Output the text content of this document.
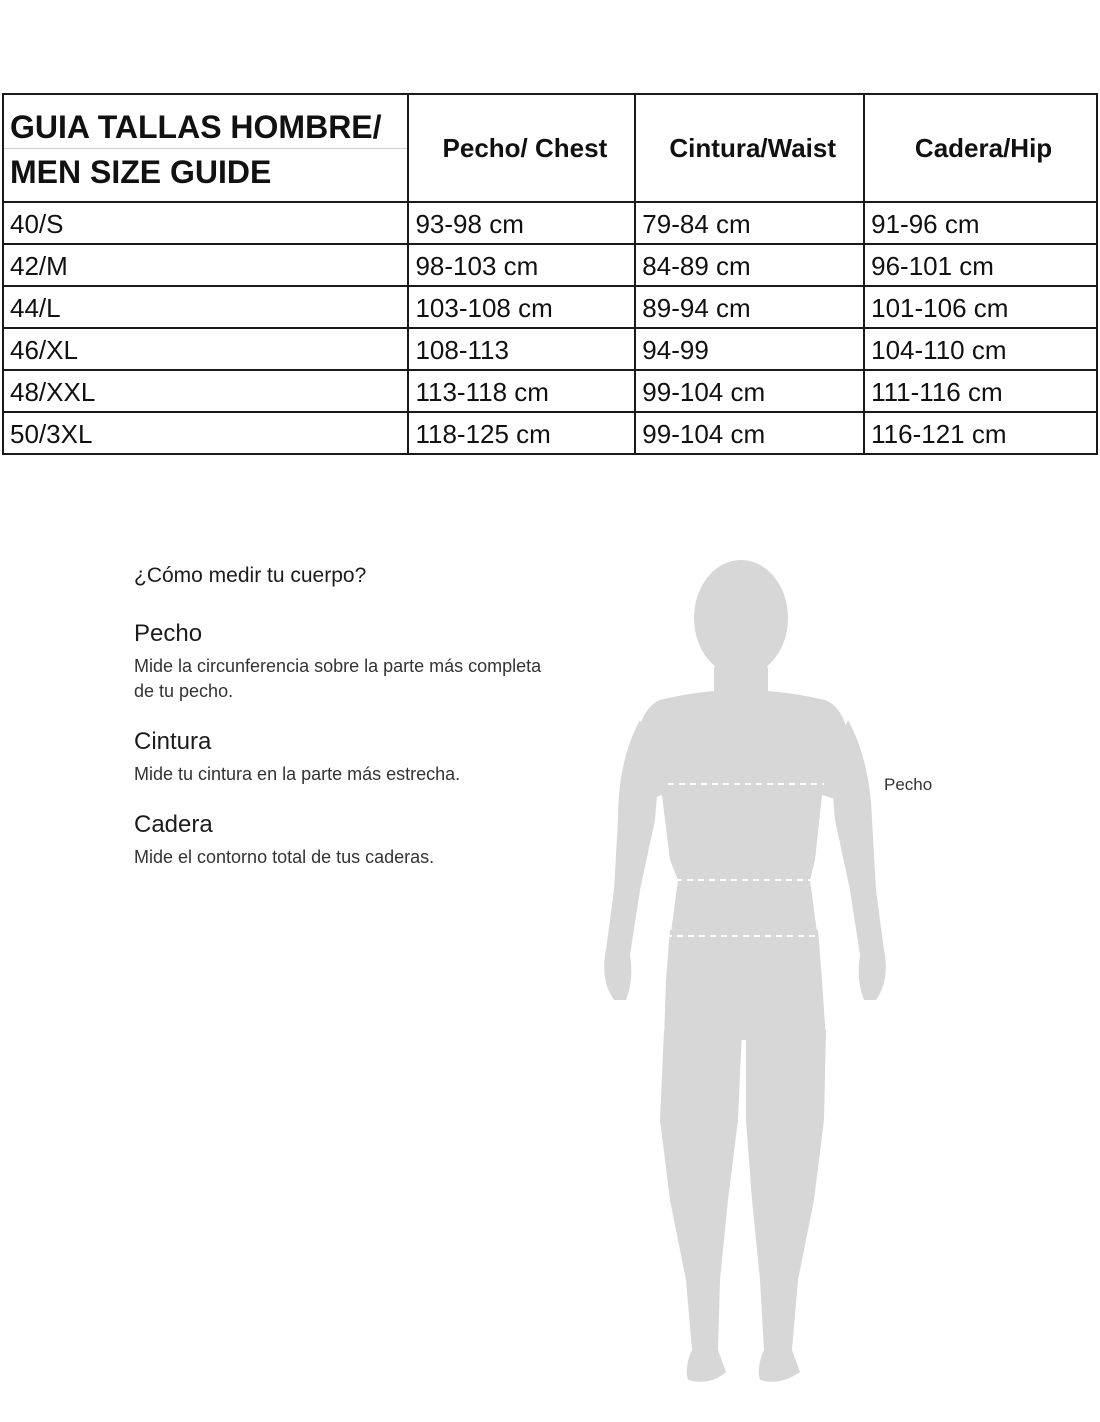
GUIA TALLAS HOMBRE/
MEN SIZE GUIDE	Pecho/ Chest	Cintura/Waist	Cadera/Hip
40/S	93-98 cm	79-84 cm	91-96 cm
42/M	98-103 cm	84-89 cm	96-101 cm
44/L	103-108 cm	89-94 cm	101-106 cm
46/XL	108-113	94-99	104-110 cm
48/XXL	113-118 cm	99-104 cm	111-116 cm
50/3XL	118-125 cm	99-104 cm	116-121 cm

¿Cómo medir tu cuerpo?

Pecho

Mide la circunferencia sobre la parte más completa de tu pecho.

Cintura

Mide tu cintura en la parte más estrecha.

Cadera

Mide el contorno total de tus caderas.

Pecho
